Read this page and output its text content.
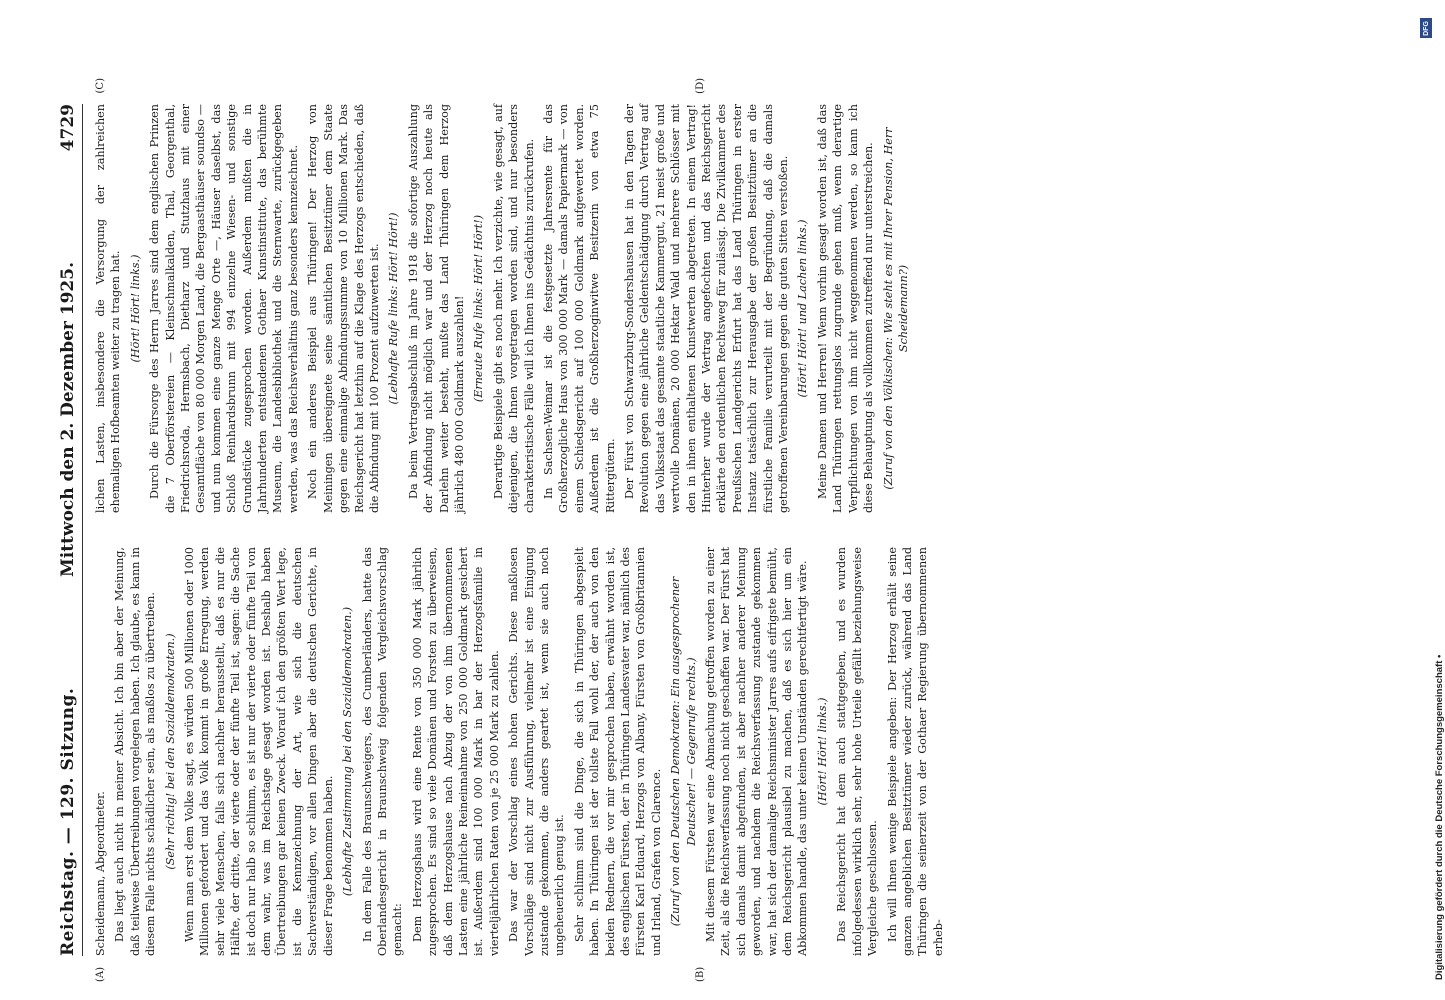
Reichstag. — 129. Sitzung.
Mittwoch den 2. Dezember 1925.
4729
(A)	(B)

Scheidemann, Abgeordneter. Das liegt auch nicht in meiner Absicht. Ich bin aber der Meinung, daß teilweise Übertreibungen vorgelegen haben. Ich glaube, es kann in diesem Falle nichts schädlicher sein, als maßlos zu übertreiben. (Sehr richtig! bei den Sozialdemokraten.) Wenn man erst dem Volke sagt, es würden 500 Millionen oder 1000 Millionen gefordert und das Volk kommt in große Erregung, werden sehr viele Menschen, falls sich nachher herausstellt, daß es nur die Hälfte, der dritte, der vierte oder der fünfte Teil ist, sagen: die Sache ist doch nur halb so schlimm, es ist nur der vierte oder fünfte Teil von dem wahr, was im Reichstage gesagt worden ist. Deshalb haben Übertreibungen gar keinen Zweck. Worauf ich den größten Wert lege, ist die Kennzeichnung der Art, wie sich die deutschen Sachverständigen, vor allen Dingen aber die deutschen Gerichte, in dieser Frage benommen haben. (Lebhafte Zustimmung bei den Sozialdemokraten.) In dem Falle des Braunschweigers, des Cumberländers, hatte das Oberlandesgericht in Braunschweig folgenden Vergleichsvorschlag gemacht: Dem Herzogshaus wird eine Rente von 350 000 Mark jährlich zugesprochen. Es sind so viele Domänen und Forsten zu überweisen, daß dem Herzogshause nach Abzug der von ihm übernommenen Lasten eine jährliche Reineinnahme von 250 000 Goldmark gesichert ist. Außerdem sind 100 000 Mark in bar der Herzogsfamilie in vierteljährlichen Raten von je 25 000 Mark zu zahlen. Das war der Vorschlag eines hohen Gerichts. Diese maßlosen Vorschläge sind nicht zur Ausführung, vielmehr ist eine Einigung zustande gekommen, die anders geartet ist, wenn sie auch noch ungeheuerlich genug ist. Sehr schlimm sind die Dinge, die sich in Thüringen abgespielt haben. In Thüringen ist der tollste Fall wohl der, der auch von den beiden Rednern, die vor mir gesprochen haben, erwähnt worden ist, des englischen Fürsten, der in Thüringen Landesvater war, nämlich des Fürsten Karl Eduard, Herzogs von Albany, Fürsten von Großbritannien und Irland, Grafen von Clarence. (Zuruf von den Deutschen Demokraten: Ein ausgesprochener Deutscher! — Gegenrufe rechts.) Mit diesem Fürsten war eine Abmachung getroffen worden zu einer Zeit, als die Reichsverfassung noch nicht geschaffen war. Der Fürst hat sich damals damit abgefunden, ist aber nachher anderer Meinung geworden, und nachdem die Reichsverfassung zustande gekommen war, hat sich der damalige Reichsminister Jarres aufs eifrigste bemüht, dem Reichsgericht plausibel zu machen, daß es sich hier um ein Abkommen handle, das unter keinen Umständen gerechtfertigt wäre. (Hört! Hört! links.) Das Reichsgericht hat dem auch stattgegeben, und es wurden infolgedessen wirklich sehr, sehr hohe Urteile gefällt beziehungsweise Vergleiche geschlossen. Ich will Ihnen wenige Beispiele angeben: Der Herzog erhält seine ganzen angeblichen Besitztümer wieder zurück, während das Land Thüringen die seinerzeit von der Gothaer Regierung übernommenen erheb-

(C)	(D)

lichen Lasten, insbesondere die Versorgung der zahlreichen ehemaligen Hofbeamten weiter zu tragen hat. (Hört! Hört! links.) Durch die Fürsorge des Herrn Jarres sind dem englischen Prinzen die 7 Oberförstereien — Kleinschmalkalden, Thal, Georgenthal, Friedrichsroda, Hermsbach, Dietharz und Stutzhaus mit einer Gesamtfläche von 80 000 Morgen Land, die Bergaasthäuser soundso — und nun kommen eine ganze Menge Orte —, Häuser daselbst, das Schloß Reinhardsbrunn mit 994 einzelne Wiesen- und sonstige Grundstücke zugesprochen worden. Außerdem mußten die in Jahrhunderten entstandenen Gothaer Kunstinstitute, das berühmte Museum, die Landesbibliothek und die Sternwarte, zurückgegeben werden, was das Reichsverhältnis ganz besonders kennzeichnet. Noch ein anderes Beispiel aus Thüringen! Der Herzog von Meiningen übereignete seine sämtlichen Besitztümer dem Staate gegen eine einmalige Abfindungssumme von 10 Millionen Mark. Das Reichsgericht hat letzthin auf die Klage des Herzogs entschieden, daß die Abfindung mit 100 Prozent aufzuwerten ist. (Lebhafte Rufe links: Hört! Hört!) Da beim Vertragsabschluß im Jahre 1918 die sofortige Auszahlung der Abfindung nicht möglich war und der Herzog noch heute als Darlehn weiter besteht, mußte das Land Thüringen dem Herzog jährlich 480 000 Goldmark auszahlen! (Erneute Rufe links: Hört! Hört!) Derartige Beispiele gibt es noch mehr. Ich verzichte, wie gesagt, auf diejenigen, die Ihnen vorgetragen worden sind, und nur besonders charakteristische Fälle will ich Ihnen ins Gedächtnis zurückrufen. In Sachsen-Weimar ist die festgesetzte Jahresrente für das Großherzogliche Haus von 300 000 Mark — damals Papiermark — von einem Schiedsgericht auf 100 000 Goldmark aufgewertet worden. Außerdem ist die Großherzoginwitwe Besitzerin von etwa 75 Rittergütern. Der Fürst von Schwarzburg-Sondershausen hat in den Tagen der Revolution gegen eine jährliche Geldentschädigung durch Vertrag auf das Volksstaat das gesamte staatliche Kammergut, 21 meist große und wertvolle Domänen, 20 000 Hektar Wald und mehrere Schlösser mit den in ihnen enthaltenen Kunstwerten abgetreten. In einem Vertrag! Hinterher wurde der Vertrag angefochten und das Reichsgericht erklärte den ordentlichen Rechtsweg für zulässig. Die Zivilkammer des Preußischen Landgerichts Erfurt hat das Land Thüringen in erster Instanz tatsächlich zur Herausgabe der großen Besitztümer an die fürstliche Familie verurteilt mit der Begründung, daß die damals getroffenen Vereinbarungen gegen die guten Sitten verstoßen. (Hört! Hört! und Lachen links.) Meine Damen und Herren! Wenn vorhin gesagt worden ist, daß das Land Thüringen rettungslos zugrunde gehen muß, wenn derartige Verpflichtungen von ihm nicht weggenommen werden, so kann ich diese Behauptung als vollkommen zutreffend nur unterstreichen. (Zuruf von den Völkischen: Wie steht es mit Ihrer Pension, Herr Scheidemann?)

DFG
Digitalisierung gefördert durch die Deutsche Forschungsgemeinschaft •
